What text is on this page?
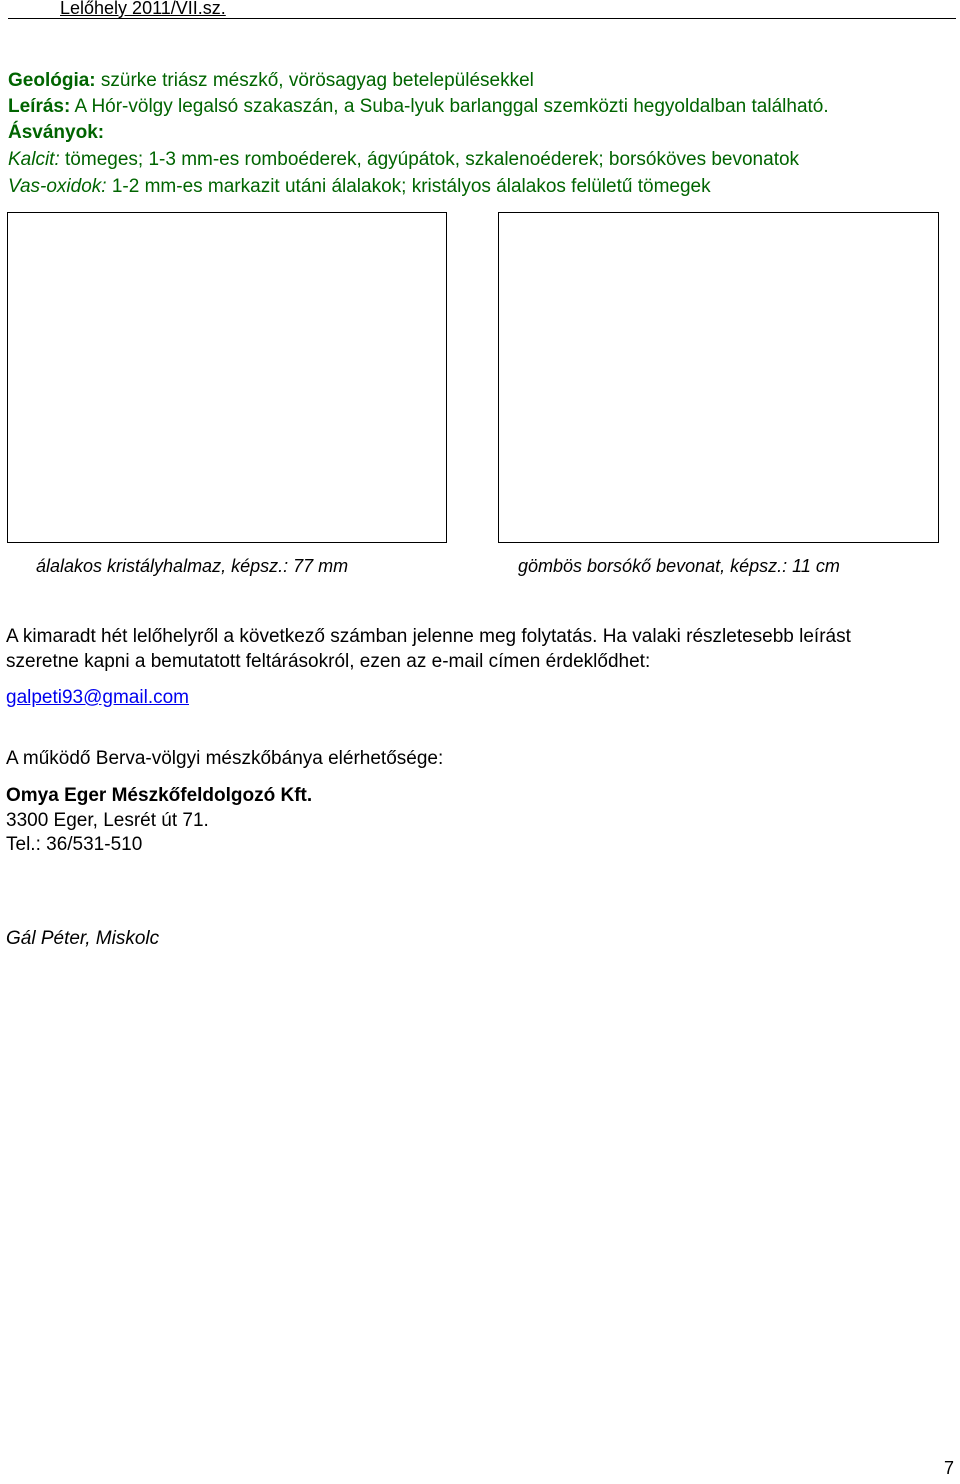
Lelőhely 2011/VII.sz.
Geológia: szürke triász mészkő, vörösagyag betelepülésekkel
Leírás: A Hór-völgy legalsó szakaszán, a Suba-lyuk barlanggal szemközti hegyoldalban található.
Ásványok:
Kalcit: tömeges; 1-3 mm-es romboéderek, ágyúpátok, szkalenoéderek; borsóköves bevonatok
Vas-oxidok: 1-2 mm-es markazit utáni álalakok; kristályos álalakos felületű tömegek
álalakos kristályhalmaz, képsz.: 77 mm	gömbös borsókő bevonat, képsz.: 11 cm
A kimaradt hét lelőhelyről a következő számban jelenne meg folytatás. Ha valaki részletesebb leírást
szeretne kapni a bemutatott feltárásokról, ezen az e-mail címen érdeklődhet:
galpeti93@gmail.com
A működő Berva-völgyi mészkőbánya elérhetősége:
Omya Eger Mészkőfeldolgozó Kft.
3300 Eger, Lesrét út 71.
Tel.: 36/531-510
Gál Péter, Miskolc
7
